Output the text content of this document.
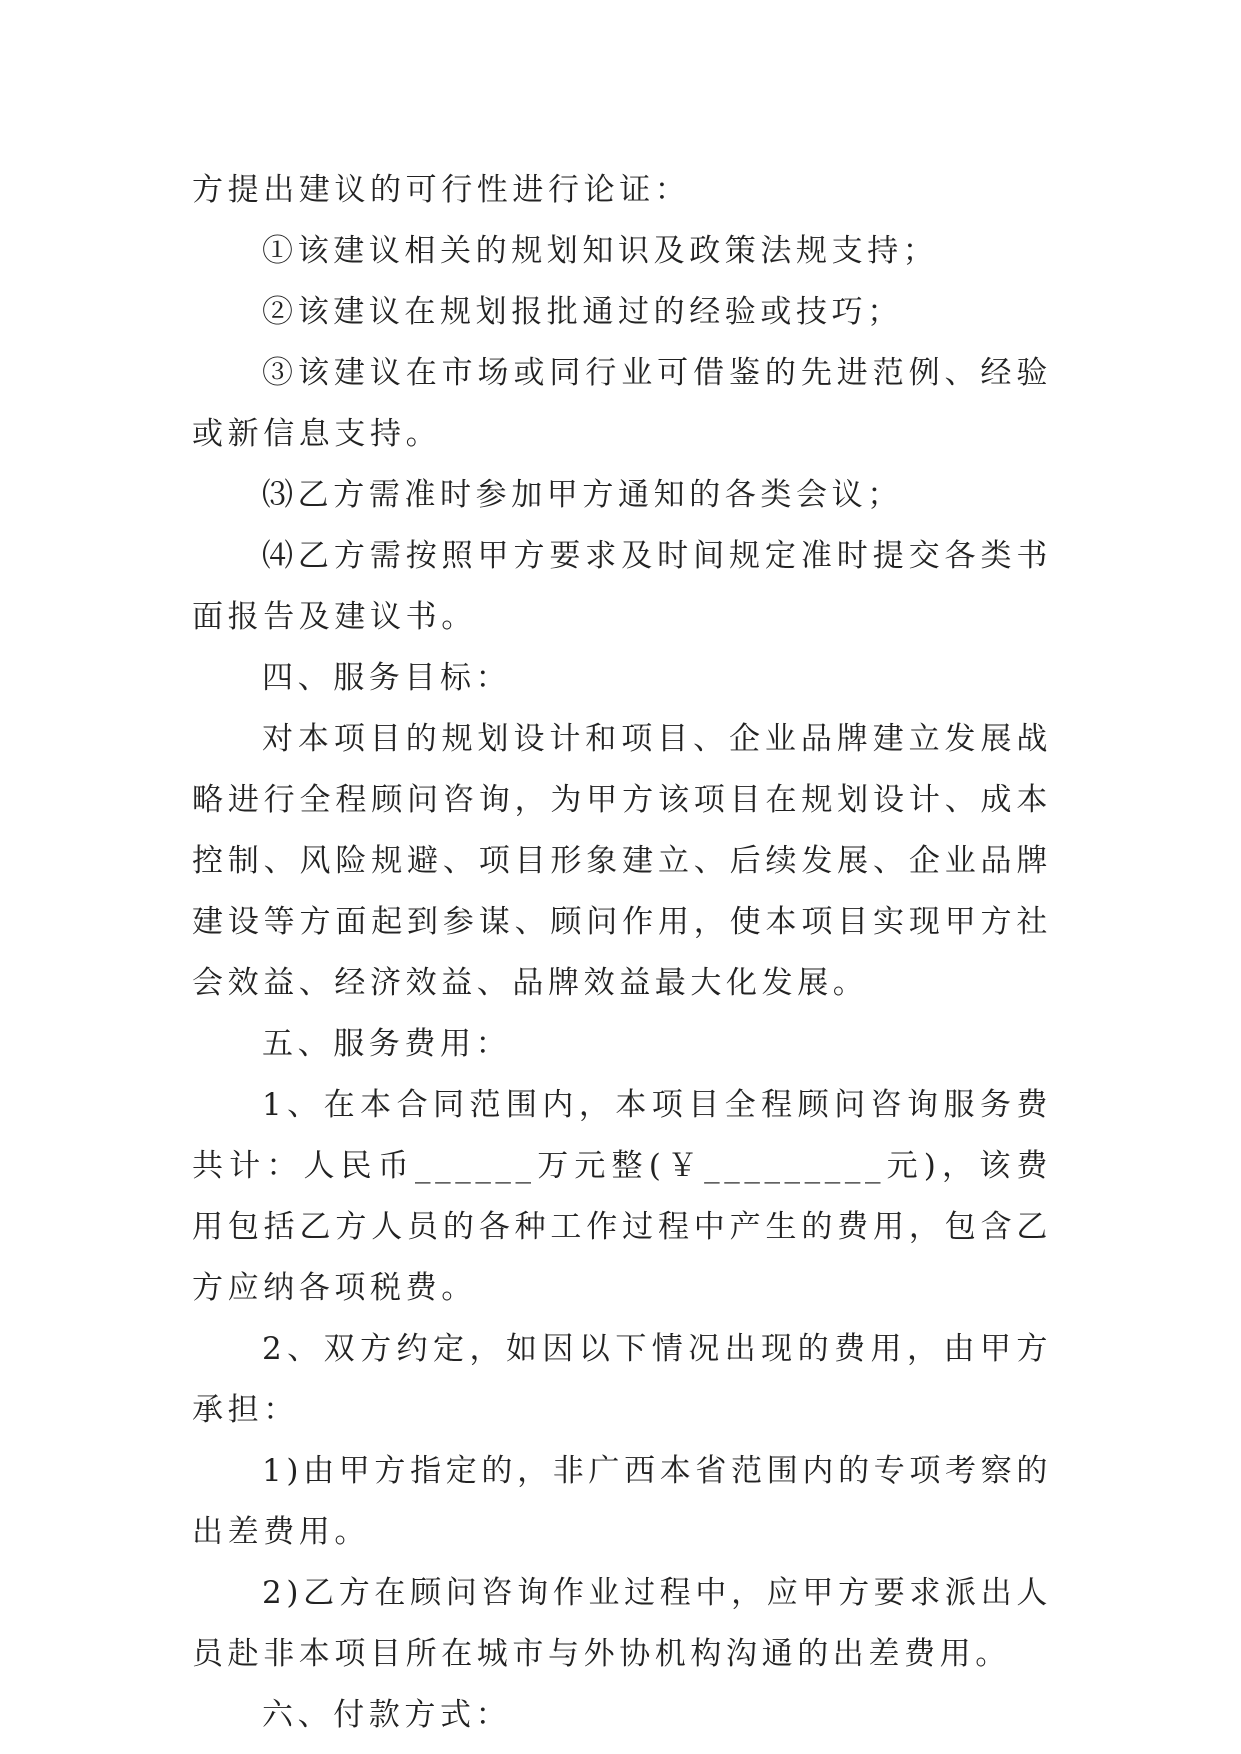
方提出建议的可行性进行论证：

①该建议相关的规划知识及政策法规支持；

②该建议在规划报批通过的经验或技巧；

③该建议在市场或同行业可借鉴的先进范例、经验或新信息支持。

⑶乙方需准时参加甲方通知的各类会议；

⑷乙方需按照甲方要求及时间规定准时提交各类书面报告及建议书。

四、服务目标：

对本项目的规划设计和项目、企业品牌建立发展战略进行全程顾问咨询，为甲方该项目在规划设计、成本控制、风险规避、项目形象建立、后续发展、企业品牌建设等方面起到参谋、顾问作用，使本项目实现甲方社会效益、经济效益、品牌效益最大化发展。

五、服务费用：

1、在本合同范围内，本项目全程顾问咨询服务费共计：人民币______万元整(￥_________元)，该费用包括乙方人员的各种工作过程中产生的费用，包含乙方应纳各项税费。

2、双方约定，如因以下情况出现的费用，由甲方承担：

1)由甲方指定的，非广西本省范围内的专项考察的出差费用。

2)乙方在顾问咨询作业过程中，应甲方要求派出人员赴非本项目所在城市与外协机构沟通的出差费用。

六、付款方式：
